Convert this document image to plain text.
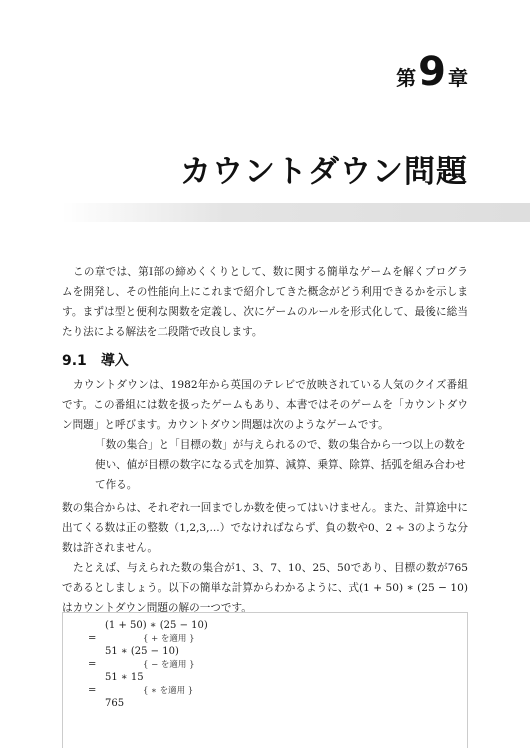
第 9 章
カウントダウン問題

この章では、第I部の締めくくりとして、数に関する簡単なゲームを解くプログラムを開発し、その性能向上にこれまで紹介してきた概念がどう利用できるかを示します。まずは型と便利な関数を定義し、次にゲームのルールを形式化して、最後に総当たり法による解法を二段階で改良します。

9.1 導入

カウントダウンは、1982年から英国のテレビで放映されている人気のクイズ番組です。この番組には数を扱ったゲームもあり、本書ではそのゲームを「カウントダウン問題」と呼びます。カウントダウン問題は次のようなゲームです。

「数の集合」と「目標の数」が与えられるので、数の集合から一つ以上の数を使い、値が目標の数字になる式を加算、減算、乗算、除算、括弧を組み合わせて作る。

数の集合からは、それぞれ一回までしか数を使ってはいけません。また、計算途中に出てくる数は正の整数（1,2,3,...）でなければならず、負の数や0、2 ÷ 3のような分数は許されません。

たとえば、与えられた数の集合が1、3、7、10、25、50であり、目標の数が765であるとしましょう。以下の簡単な計算からわかるように、式(1 + 50) ∗ (25 − 10)はカウントダウン問題の解の一つです。

(1 + 50) ∗ (25 − 10)
=	{ + を適用 }
51 ∗ (25 − 10)
=	{ − を適用 }
51 ∗ 15
=	{ ∗ を適用 }
765
